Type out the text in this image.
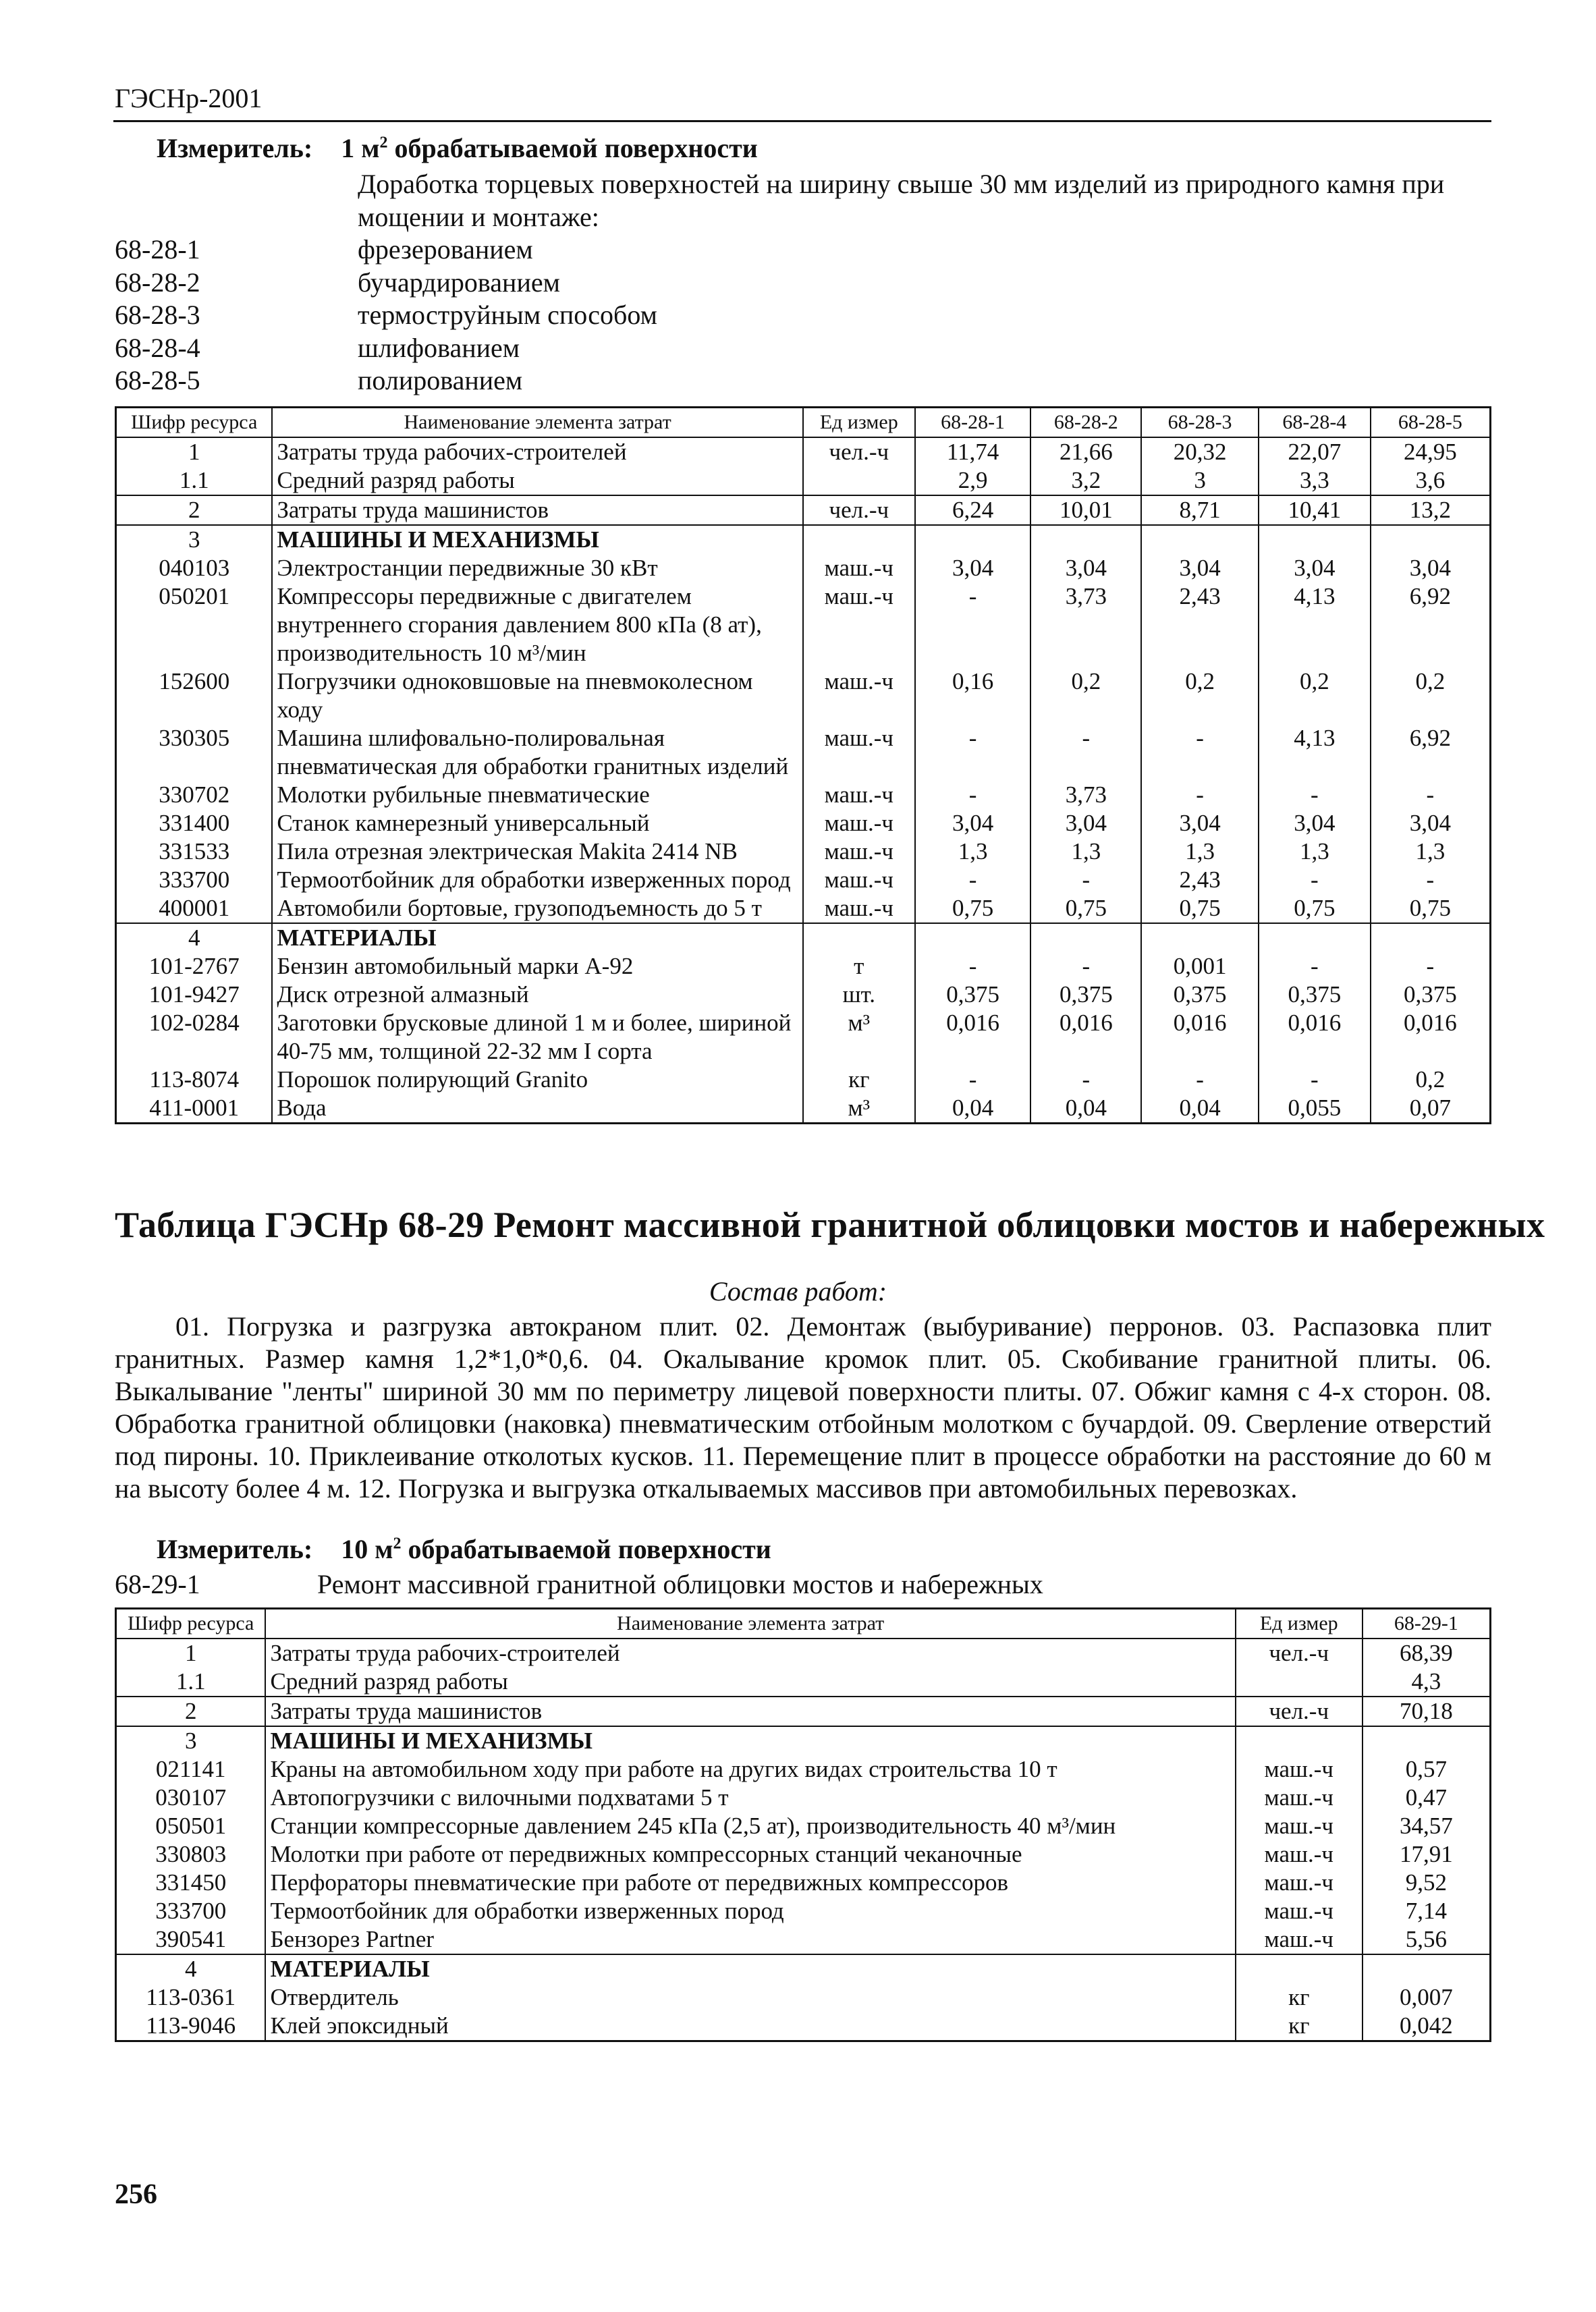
ГЭСНр-2001
Измеритель: 1 $м^2$ обрабатываемой поверхности
Доработка торцевых поверхностей на ширину свыше 30 мм изделий из природного камня при мощении и монтаже:
68-28-1	фрезерованием
68-28-2	бучардированием
68-28-3	термоструйным способом
68-28-4	шлифованием
68-28-5	полированием
Шифр ресурса	Наименование элемента затрат	Ед измер	68-28-1	68-28-2	68-28-3	68-28-4	68-28-5
1	Затраты труда рабочих-строителей	чел.-ч	11,74	21,66	20,32	22,07	24,95
1.1	Средний разряд работы		2,9	3,2	3	3,3	3,6
2	Затраты труда машинистов	чел.-ч	6,24	10,01	8,71	10,41	13,2
3	МАШИНЫ И МЕХАНИЗМЫ						
040103	Электростанции передвижные 30 кВт	маш.-ч	3,04	3,04	3,04	3,04	3,04
050201	Компрессоры передвижные с двигателем внутреннего сгорания давлением 800 кПа (8 ат), производительность 10 м³/мин	маш.-ч	-	3,73	2,43	4,13	6,92
152600	Погрузчики одноковшовые на пневмоколесном ходу	маш.-ч	0,16	0,2	0,2	0,2	0,2
330305	Машина шлифовально-полировальная пневматическая для обработки гранитных изделий	маш.-ч	-	-	-	4,13	6,92
330702	Молотки рубильные пневматические	маш.-ч	-	3,73	-	-	-
331400	Станок камнерезный универсальный	маш.-ч	3,04	3,04	3,04	3,04	3,04
331533	Пила отрезная электрическая Makita 2414 NB	маш.-ч	1,3	1,3	1,3	1,3	1,3
333700	Термоотбойник для обработки изверженных пород	маш.-ч	-	-	2,43	-	-
400001	Автомобили бортовые, грузоподъемность до 5 т	маш.-ч	0,75	0,75	0,75	0,75	0,75
4	МАТЕРИАЛЫ						
101-2767	Бензин автомобильный марки А-92	т	-	-	0,001	-	-
101-9427	Диск отрезной алмазный	шт.	0,375	0,375	0,375	0,375	0,375
102-0284	Заготовки брусковые длиной 1 м и более, шириной 40-75 мм, толщиной 22-32 мм I сорта	м³	0,016	0,016	0,016	0,016	0,016
113-8074	Порошок полирующий Granito	кг	-	-	-	-	0,2
411-0001	Вода	м³	0,04	0,04	0,04	0,055	0,07
Таблица ГЭСНр 68-29 Ремонт массивной гранитной облицовки мостов и набережных
Состав работ:
01. Погрузка и разгрузка автокраном плит. 02. Демонтаж (выбуривание) перронов. 03. Распазовка плит гранитных. Размер камня 1,2*1,0*0,6. 04. Окалывание кромок плит. 05. Скобивание гранитной плиты. 06. Выкалывание "ленты" шириной 30 мм по периметру лицевой поверхности плиты. 07. Обжиг камня с 4-х сторон. 08. Обработка гранитной облицовки (наковка) пневматическим отбойным молотком с бучардой. 09. Сверление отверстий под пироны. 10. Приклеивание отколотых кусков. 11. Перемещение плит в процессе обработки на расстояние до 60 м на высоту более 4 м. 12. Погрузка и выгрузка откалываемых массивов при автомобильных перевозках.
Измеритель: 10 $м^2$ обрабатываемой поверхности
68-29-1	Ремонт массивной гранитной облицовки мостов и набережных
Шифр ресурса	Наименование элемента затрат	Ед измер	68-29-1
1	Затраты труда рабочих-строителей	чел.-ч	68,39
1.1	Средний разряд работы		4,3
2	Затраты труда машинистов	чел.-ч	70,18
3	МАШИНЫ И МЕХАНИЗМЫ		
021141	Краны на автомобильном ходу при работе на других видах строительства 10 т	маш.-ч	0,57
030107	Автопогрузчики с вилочными подхватами 5 т	маш.-ч	0,47
050501	Станции компрессорные давлением 245 кПа (2,5 ат), производительность 40 м³/мин	маш.-ч	34,57
330803	Молотки при работе от передвижных компрессорных станций чеканочные	маш.-ч	17,91
331450	Перфораторы пневматические при работе от передвижных компрессоров	маш.-ч	9,52
333700	Термоотбойник для обработки изверженных пород	маш.-ч	7,14
390541	Бензорез Partner	маш.-ч	5,56
4	МАТЕРИАЛЫ		
113-0361	Отвердитель	кг	0,007
113-9046	Клей эпоксидный	кг	0,042
256
